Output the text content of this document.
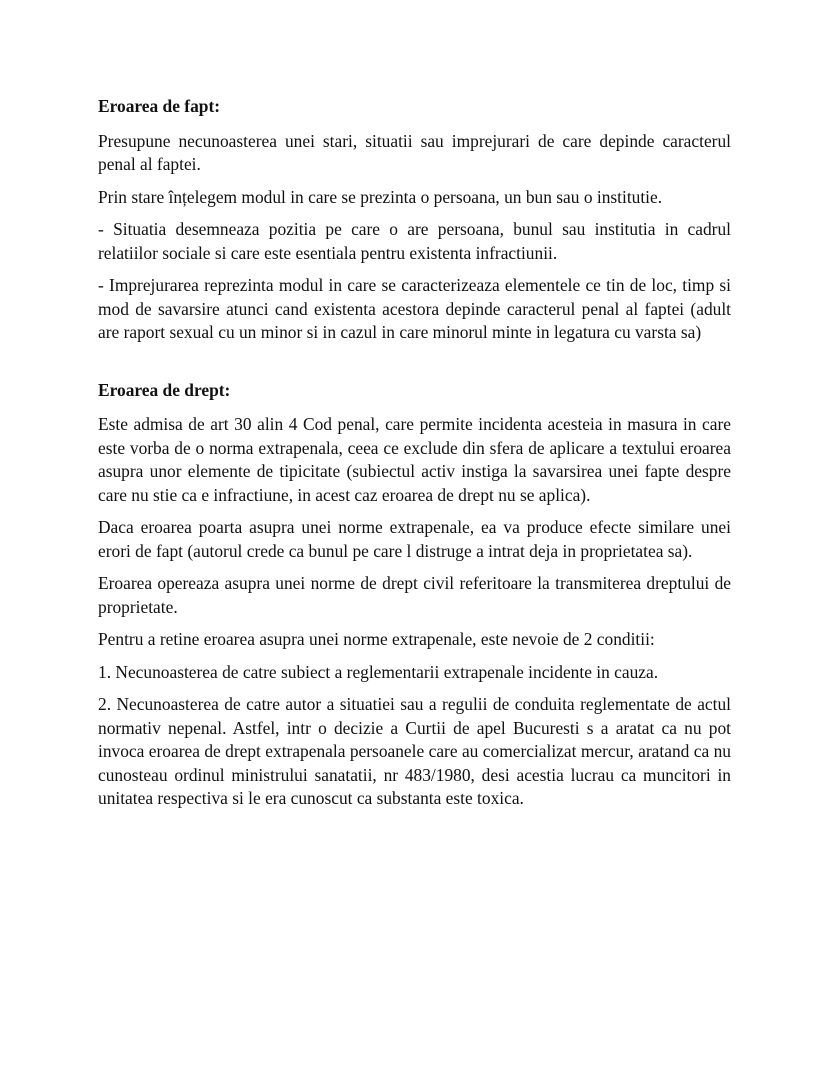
Eroarea de fapt:

Presupune necunoasterea unei stari, situatii sau imprejurari de care depinde caracterul penal al faptei.

Prin stare înțelegem modul in care se prezinta o persoana, un bun sau o institutie.

- Situatia desemneaza pozitia pe care o are persoana, bunul sau institutia in cadrul relatiilor sociale si care este esentiala pentru existenta infractiunii.

- Imprejurarea reprezinta modul in care se caracterizeaza elementele ce tin de loc, timp si mod de savarsire atunci cand existenta acestora depinde caracterul penal al faptei (adult are raport sexual cu un minor si in cazul in care minorul minte in legatura cu varsta sa)

Eroarea de drept:

Este admisa de art 30 alin 4 Cod penal, care permite incidenta acesteia in masura in care este vorba de o norma extrapenala, ceea ce exclude din sfera de aplicare a textului eroarea asupra unor elemente de tipicitate (subiectul activ instiga la savarsirea unei fapte despre care nu stie ca e infractiune, in acest caz eroarea de drept nu se aplica).

Daca eroarea poarta asupra unei norme extrapenale, ea va produce efecte similare unei erori de fapt (autorul crede ca bunul pe care l distruge a intrat deja in proprietatea sa).

Eroarea opereaza asupra unei norme de drept civil referitoare la transmiterea dreptului de proprietate.

Pentru a retine eroarea asupra unei norme extrapenale, este nevoie de 2 conditii:

1. Necunoasterea de catre subiect a reglementarii extrapenale incidente in cauza.

2. Necunoasterea de catre autor a situatiei sau a regulii de conduita reglementate de actul normativ nepenal. Astfel, intr o decizie a Curtii de apel Bucuresti s a aratat ca nu pot invoca eroarea de drept extrapenala persoanele care au comercializat mercur, aratand ca nu cunosteau ordinul ministrului sanatatii, nr 483/1980, desi acestia lucrau ca muncitori in unitatea respectiva si le era cunoscut ca substanta este toxica.
